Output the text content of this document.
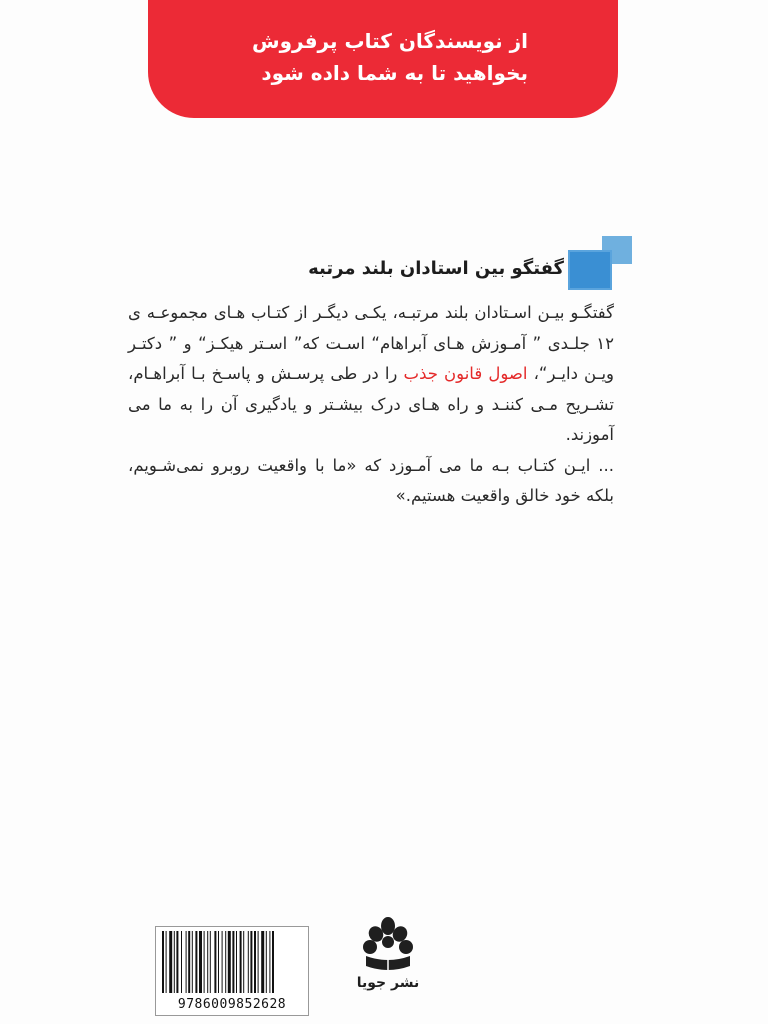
از نویسندگان کتاب پرفروش
بخواهید تا به شما داده شود
گفتگو بین استادان بلند مرتبه

گفتگـو بیـن اسـتادان بلند مرتبـه، یکـی دیگـر از کتـاب هـای مجموعـه ی ۱۲ جلـدی ” آمـوزش هـای آبراهام“ اسـت که” اسـتر هیکـز“ و ” دکتـر ویـن دایـر“، اصول قانون جذب را در طی پرسـش و پاسـخ بـا آبراهـام، تشـریح مـی کننـد و راه هـای درک بیشـتر و یادگیری آن را به ما می آموزند.

... ایـن کتـاب بـه ما می آمـوزد که «ما با واقعیت روبرو نمی‌شـویم، بلکه خود خالق واقعیت هستیم.»

9786009852628
نشر جویا
